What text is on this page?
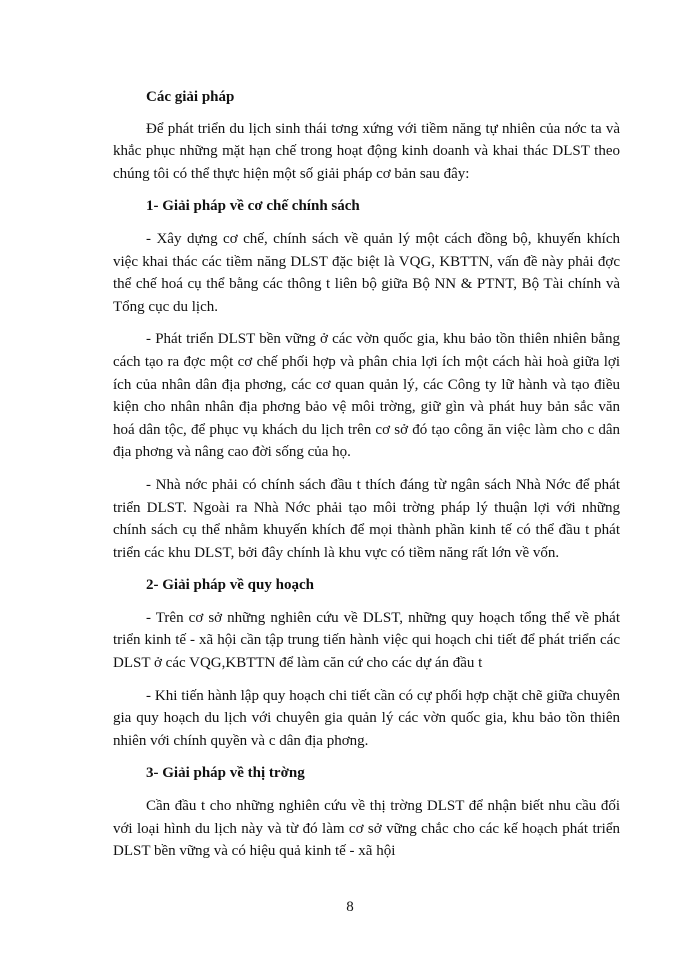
Các giải pháp
Để phát triển du lịch sinh thái tơng xứng với tiềm năng tự nhiên của nớc ta và khắc phục những mặt hạn chế trong hoạt động kinh doanh và khai thác DLST theo chúng tôi có thể thực hiện một số giải pháp cơ bản sau đây:
1- Giải pháp về cơ chế chính sách
- Xây dựng cơ chế, chính sách về quản lý một cách đồng bộ, khuyến khích việc khai thác các tiềm năng DLST đặc biệt là VQG, KBTTN, vấn đề này phải đợc thể chế hoá cụ thể bằng các thông t liên bộ giữa Bộ NN & PTNT, Bộ Tài chính và Tổng cục du lịch.
- Phát triển DLST bền vững ở các vờn quốc gia, khu bảo tồn thiên nhiên bằng cách tạo ra đợc một cơ chế phối hợp và phân chia lợi ích một cách hài hoà giữa lợi ích của nhân dân địa phơng, các cơ quan quản lý, các Công ty lữ hành và tạo điều kiện cho nhân nhân địa phơng bảo vệ môi trờng, giữ gìn và phát huy bản sắc văn hoá dân tộc, để phục vụ khách du lịch trên cơ sở đó tạo công ăn việc làm cho c dân địa phơng và nâng cao đời sống của họ.
- Nhà nớc phải có chính sách đầu t thích đáng từ ngân sách Nhà Nớc để phát triển DLST. Ngoài ra Nhà Nớc phải tạo môi trờng pháp lý thuận lợi với những chính sách cụ thể nhằm khuyến khích để mọi thành phần kinh tế có thể đầu t phát triển các khu DLST, bởi đây chính là khu vực có tiềm năng rất lớn về vốn.
2- Giải pháp về quy hoạch
- Trên cơ sở những nghiên cứu về DLST, những quy hoạch tổng thể về phát triển kinh tế - xã hội cần tập trung tiến hành việc qui hoạch chi tiết để phát triển các DLST ở các VQG,KBTTN để làm căn cứ cho các dự án đầu t
- Khi tiến hành lập quy hoạch chi tiết cần có cự phối hợp chặt chẽ giữa chuyên gia quy hoạch du lịch với chuyên gia quản lý các vờn quốc gia, khu bảo tồn thiên nhiên với chính quyền và c dân địa phơng.
3- Giải pháp về thị trờng
Cần đầu t cho những nghiên cứu về thị trờng DLST để nhận biết nhu cầu đối với loại hình du lịch này và từ đó làm cơ sở vững chắc cho các kế hoạch phát triển DLST bền vững và có hiệu quả kinh tế - xã hội
8
